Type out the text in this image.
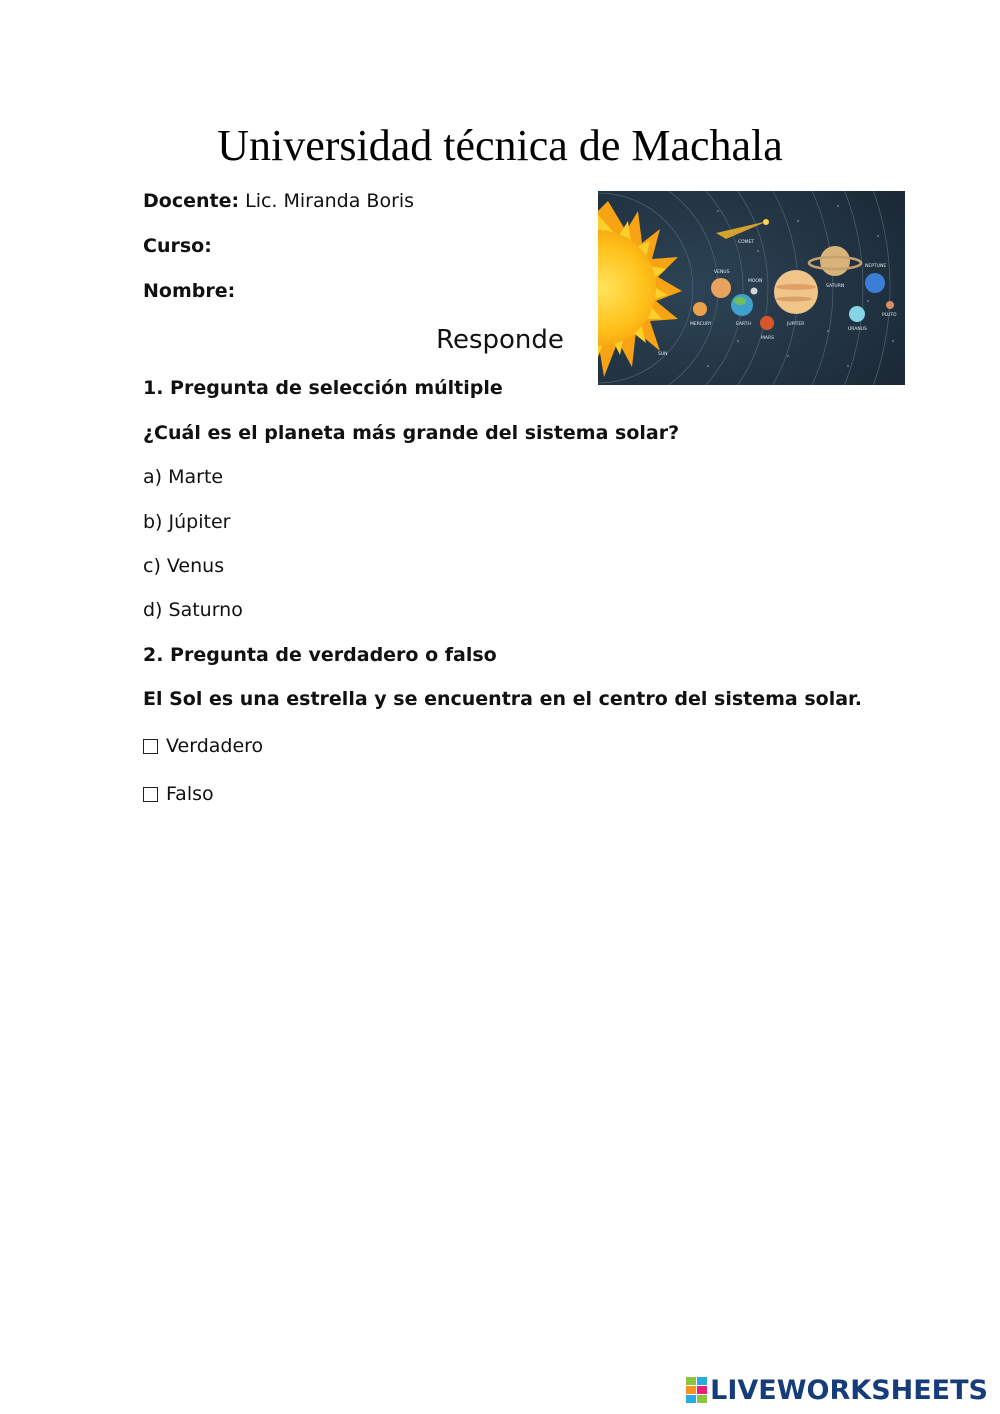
Universidad técnica de Machala
Docente: Lic. Miranda Boris
Curso:
Nombre:
Responde
COMET
VENUS
MOON
SATURN
NEPTUNE
MERCURY	EARTH
MARS
JUPITER
URANUS
PLUTO
SUN
1. Pregunta de selección múltiple
¿Cuál es el planeta más grande del sistema solar?
a) Marte
b) Júpiter
c) Venus
d) Saturno
2. Pregunta de verdadero o falso
El Sol es una estrella y se encuentra en el centro del sistema solar.
Verdadero
Falso
LIVEWORKSHEETS
